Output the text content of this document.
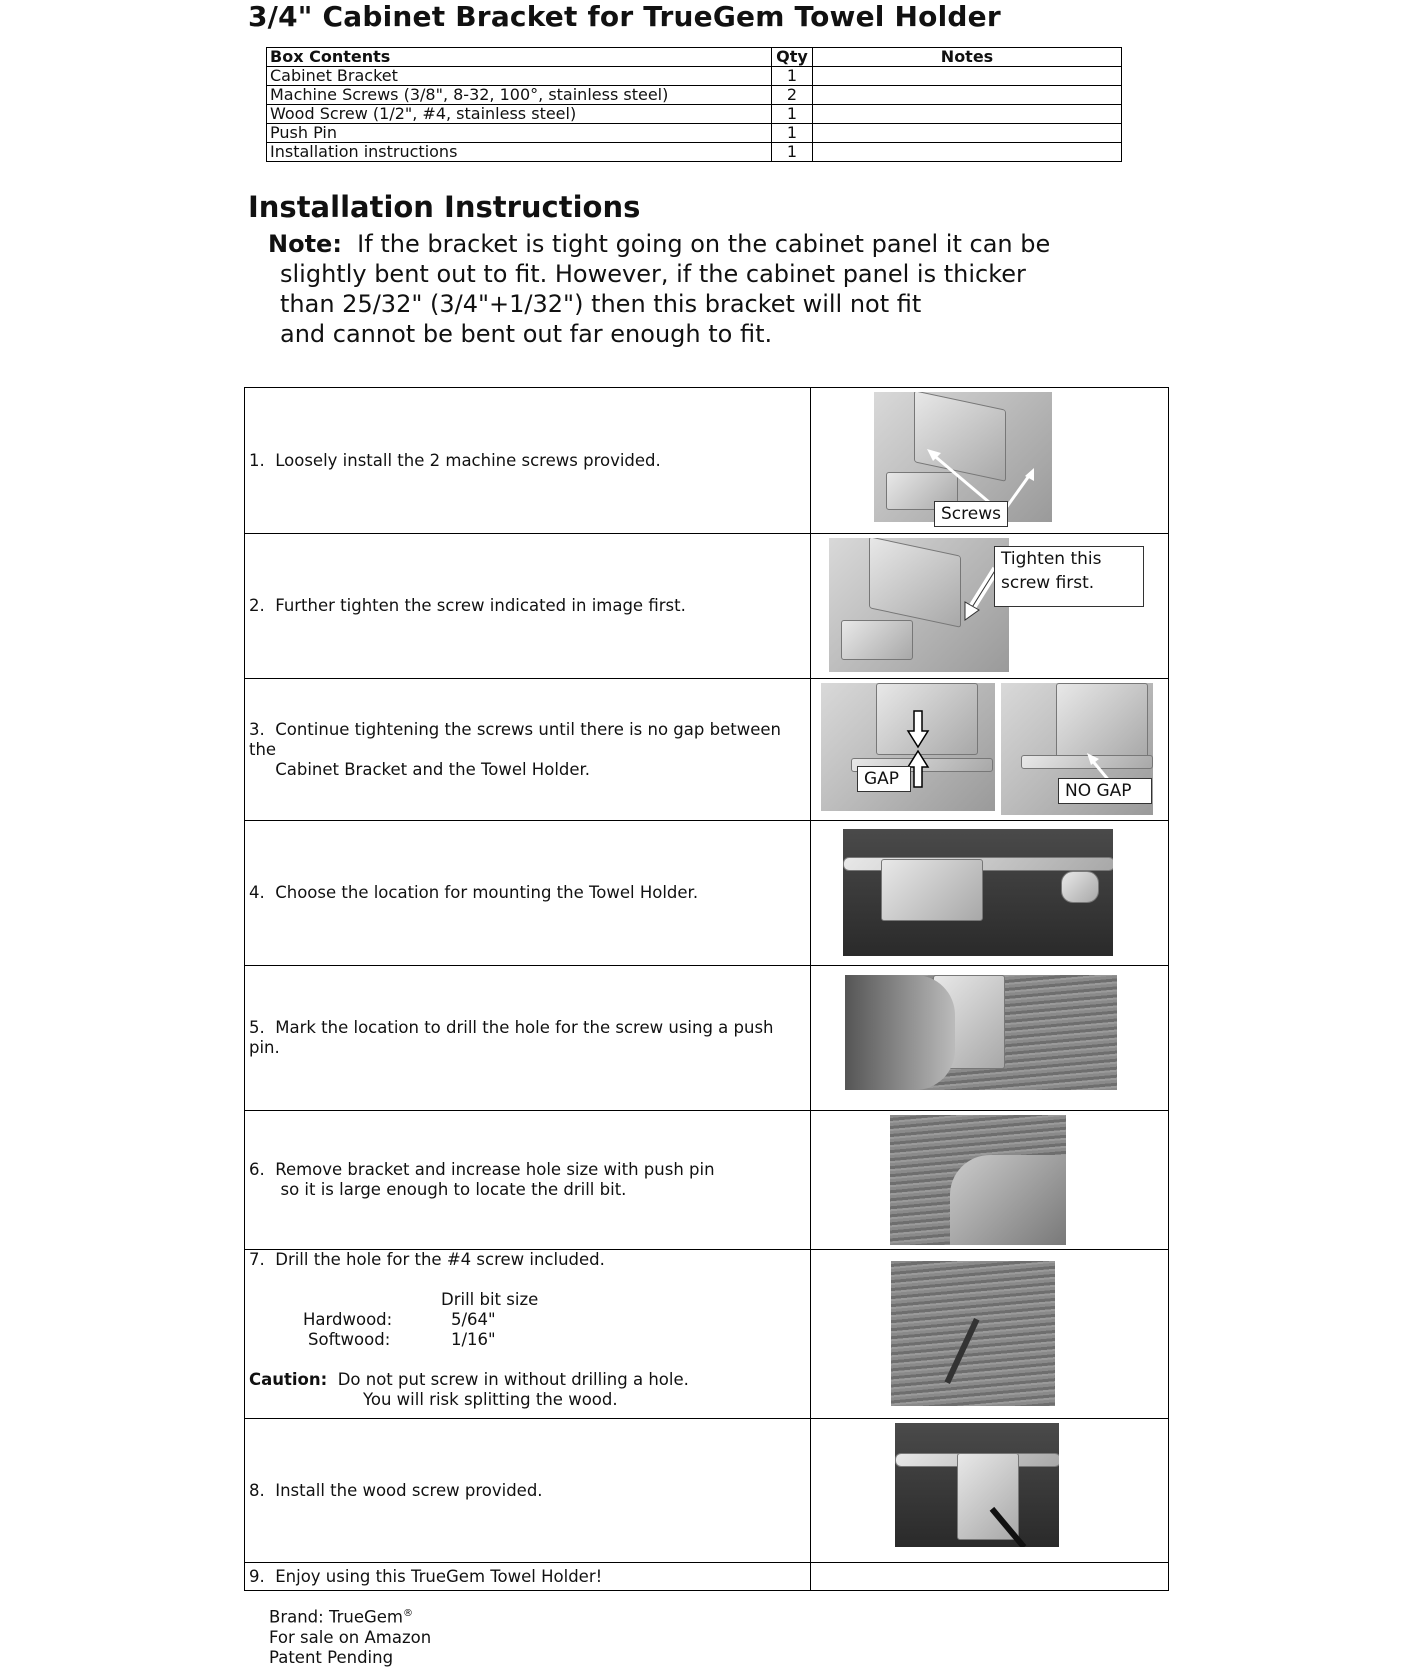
3/4" Cabinet Bracket for TrueGem Towel Holder
Box Contents	Qty	Notes
Cabinet Bracket	1	
Machine Screws (3/8", 8-32, 100°, stainless steel)	2	
Wood Screw (1/2", #4, stainless steel)	1	
Push Pin	1	
Installation instructions	1	
Installation Instructions
Note:  If the bracket is tight going on the cabinet panel it can be
slightly bent out to fit. However, if the cabinet panel is thicker
than 25/32" (3/4"+1/32") then this bracket will not fit
and cannot be bent out far enough to fit.
1.  Loosely install the 2 machine screws provided.
Screws
2.  Further tighten the screw indicated in image first.
Tighten this
screw first.
3.  Continue tightening the screws until there is no gap between
the
Cabinet Bracket and the Towel Holder.	GAP
NO GAP
4.  Choose the location for mounting the Towel Holder.
5.  Mark the location to drill the hole for the screw using a push
pin.
6.  Remove bracket and increase hole size with push pin
so it is large enough to locate the drill bit.
7.  Drill the hole for the #4 screw included.
Drill bit size
Hardwood:	5/64"
Softwood:	1/16"
Caution:  Do not put screw in without drilling a hole.
You will risk splitting the wood.
8.  Install the wood screw provided.
9.  Enjoy using this TrueGem Towel Holder!
Brand: TrueGem®
For sale on Amazon
Patent Pending
